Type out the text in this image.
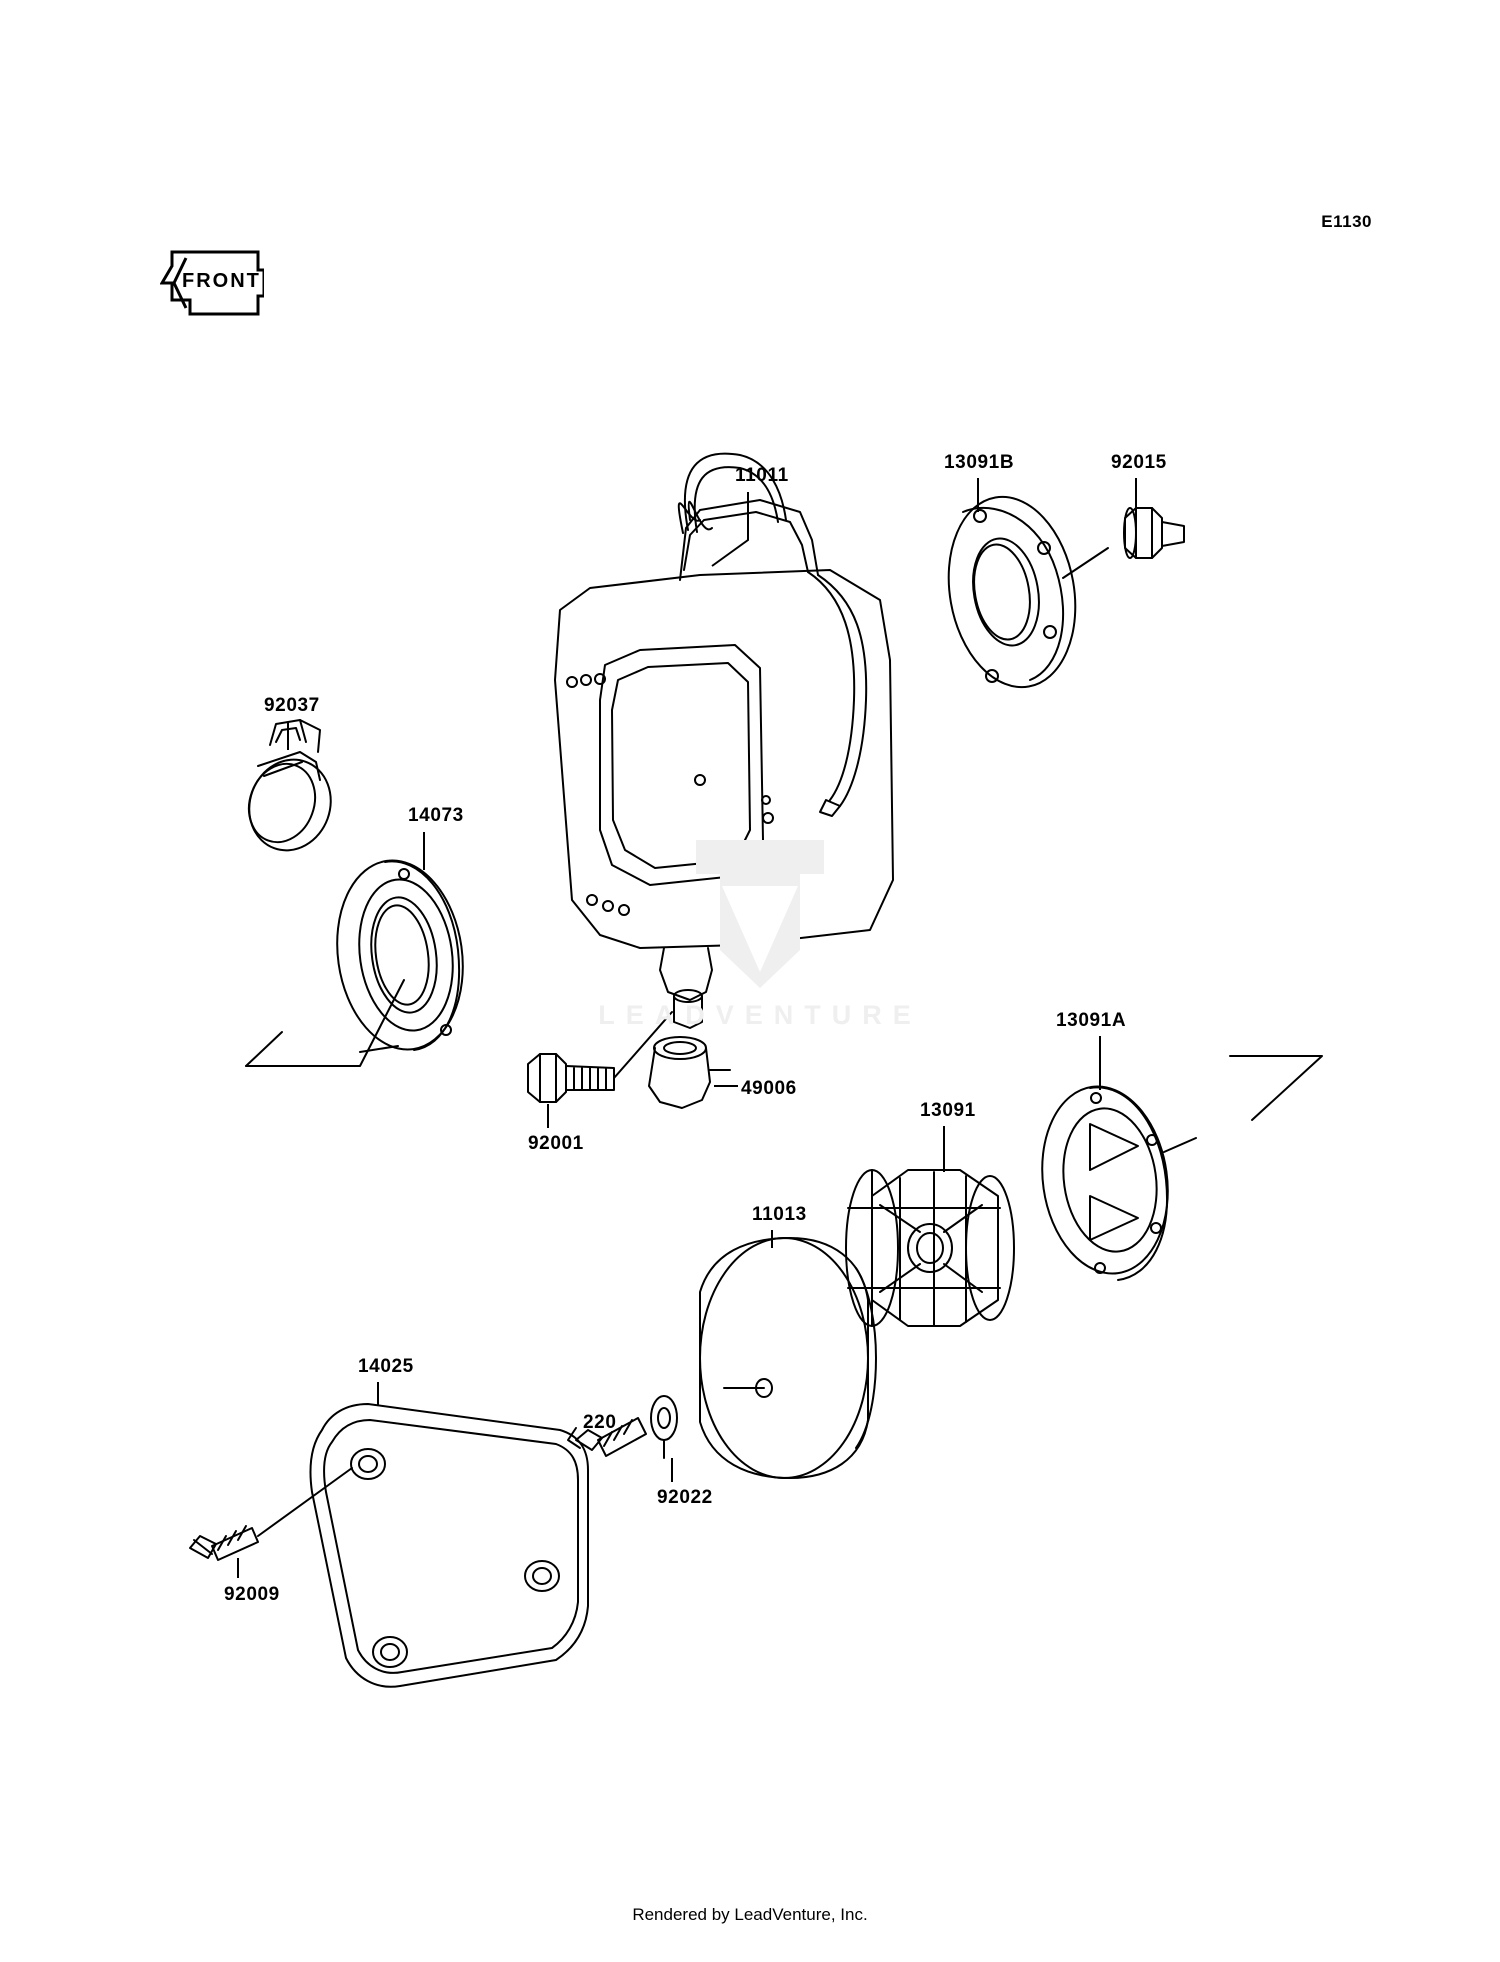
E1130
FRONT
LEADVENTURE
11011
13091B	92015
92037
14073
13091A
49006
13091
92001
11013
14025
220
92022
92009
Rendered by LeadVenture, Inc.
